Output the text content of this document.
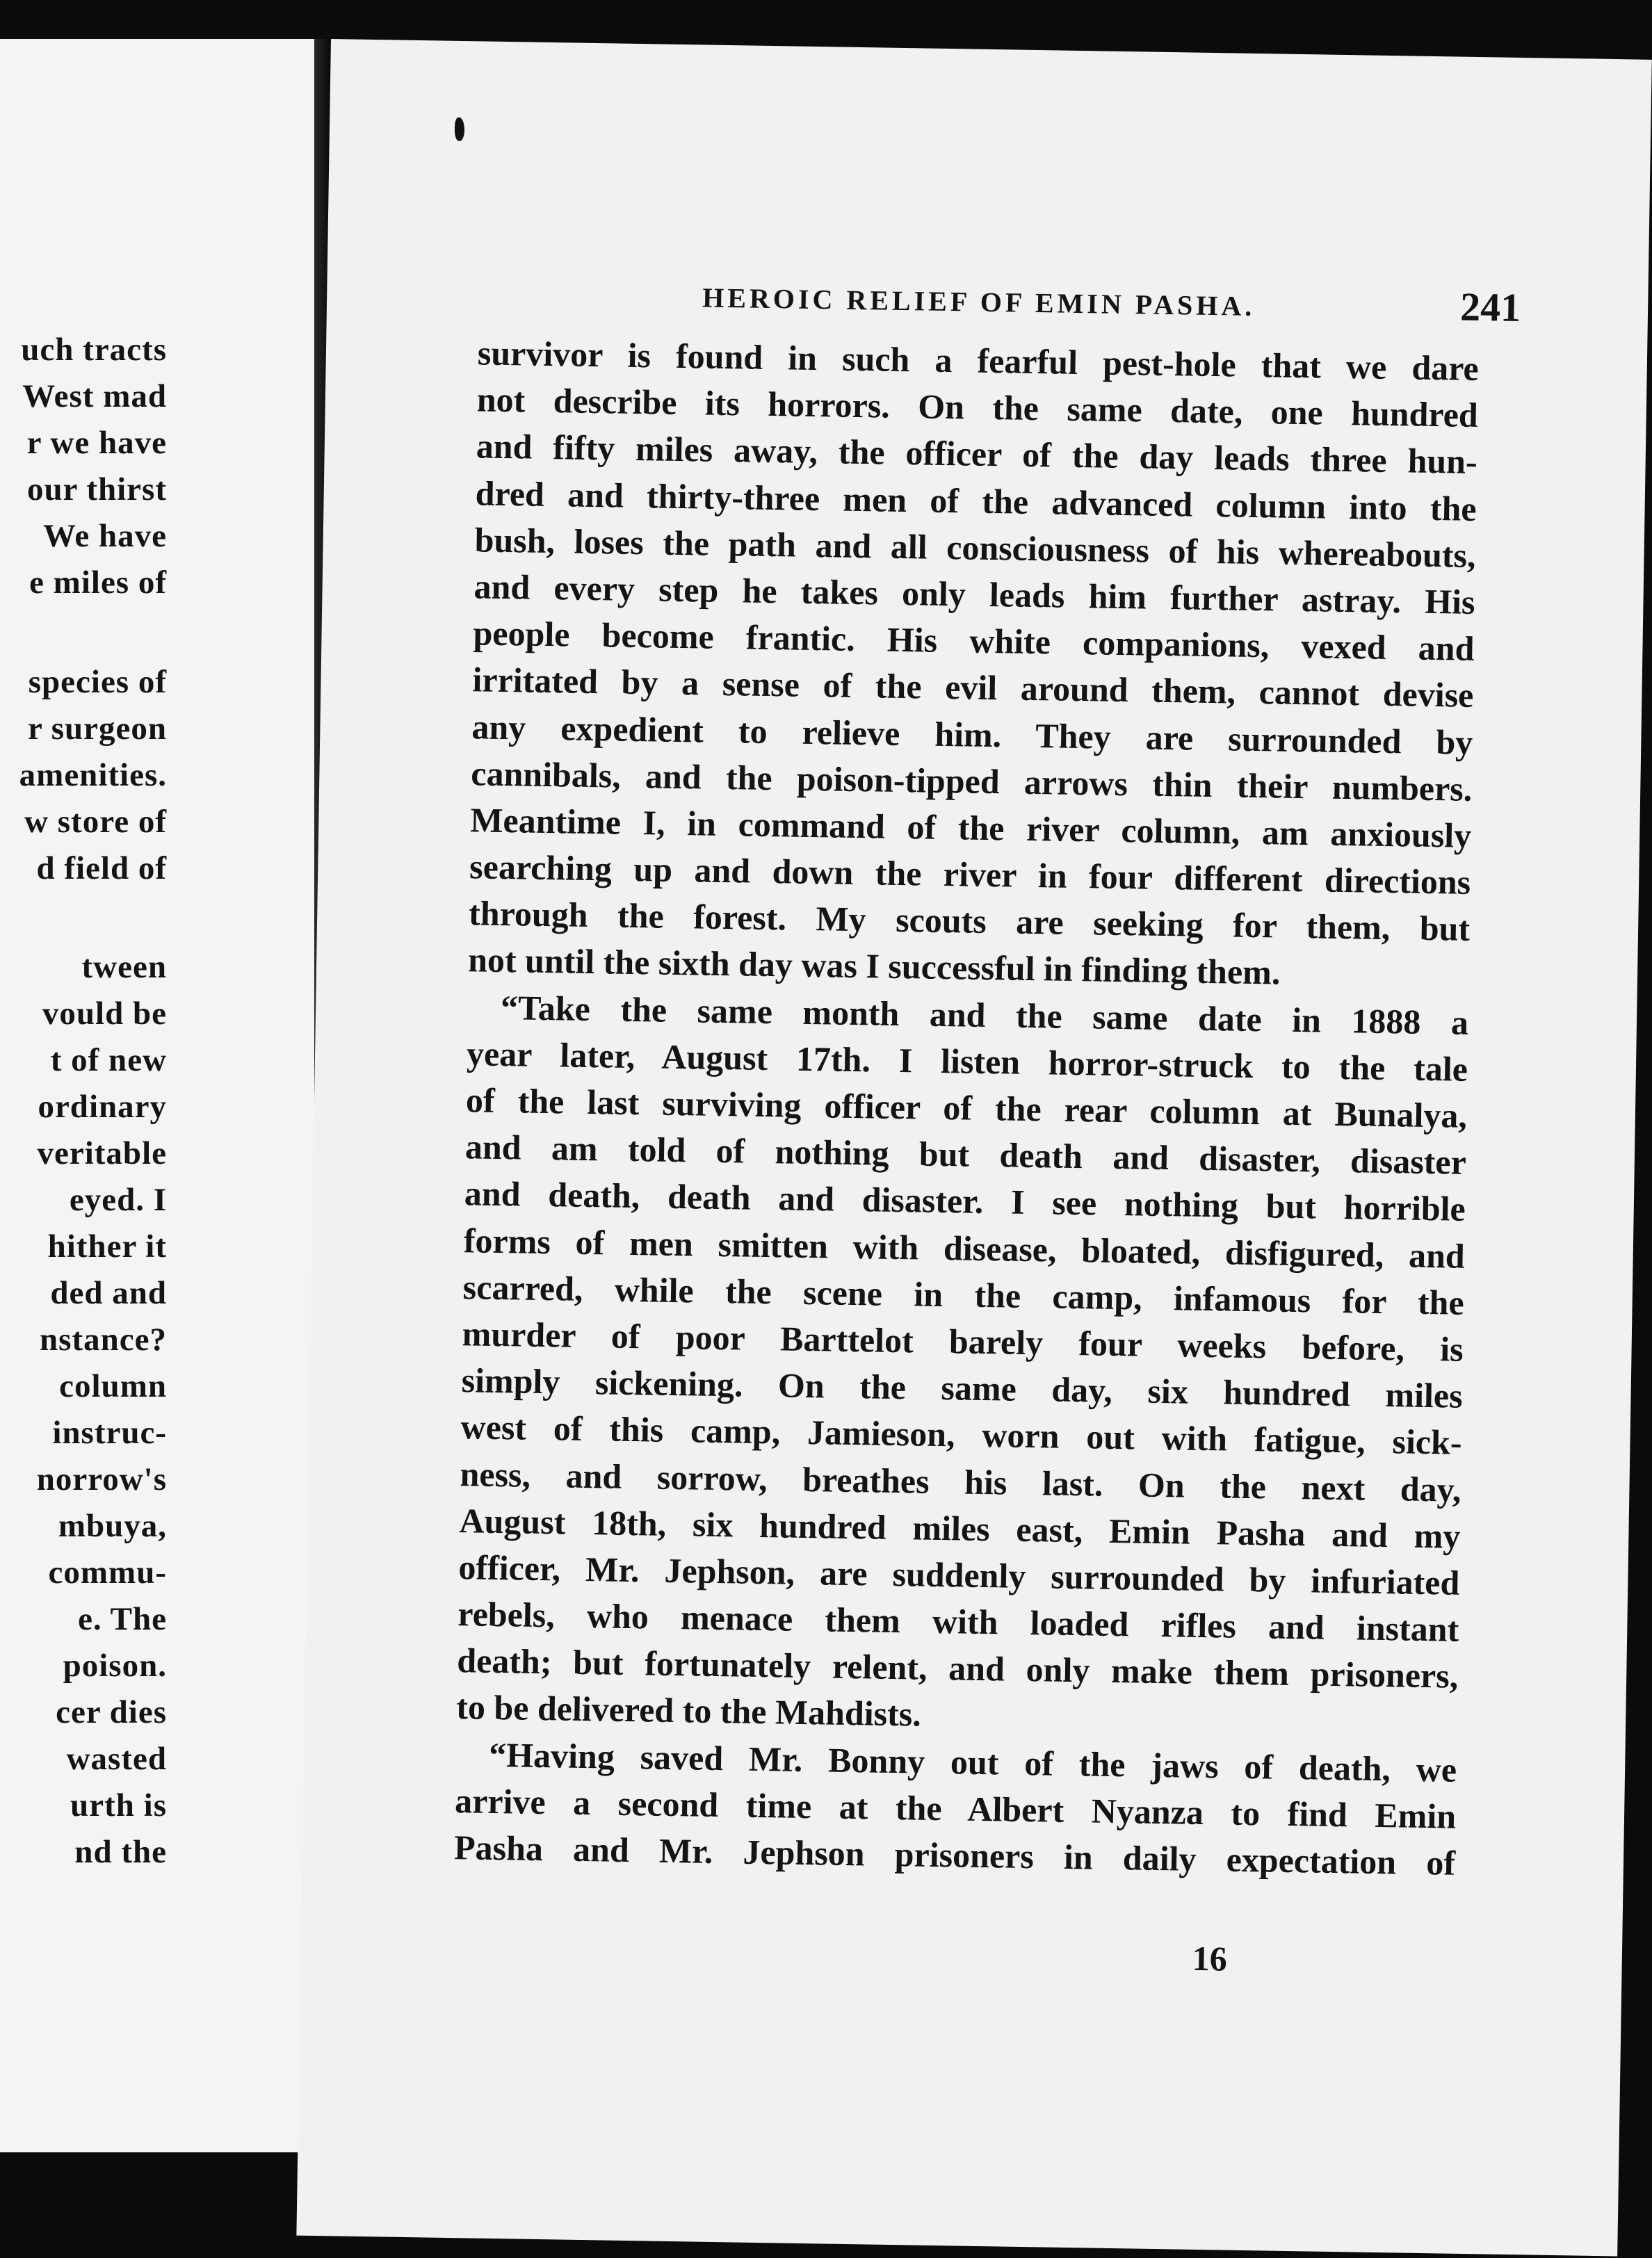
uch tracts
West mad
r we have
our thirst
We have
e miles of
species of
r surgeon
amenities.
w store of
d field of
tween
vould be
t of new
ordinary
veritable
eyed. I
hither it
ded and
nstance?
column
instruc-
norrow's
mbuya,
commu-
e. The
poison.
cer dies
wasted
urth is
nd the
HEROIC RELIEF OF EMIN PASHA.	241
survivor is found in such a fearful pest-hole that we dare
not describe its horrors. On the same date, one hundred
and fifty miles away, the officer of the day leads three hun-
dred and thirty-three men of the advanced column into the
bush, loses the path and all consciousness of his whereabouts,
and every step he takes only leads him further astray. His
people become frantic. His white companions, vexed and
irritated by a sense of the evil around them, cannot devise
any expedient to relieve him. They are surrounded by
cannibals, and the poison-tipped arrows thin their numbers.
Meantime I, in command of the river column, am anxiously
searching up and down the river in four different directions
through the forest. My scouts are seeking for them, but
not until the sixth day was I successful in finding them.
“Take the same month and the same date in 1888 a
year later, August 17th. I listen horror-struck to the tale
of the last surviving officer of the rear column at Bunalya,
and am told of nothing but death and disaster, disaster
and death, death and disaster. I see nothing but horrible
forms of men smitten with disease, bloated, disfigured, and
scarred, while the scene in the camp, infamous for the
murder of poor Barttelot barely four weeks before, is
simply sickening. On the same day, six hundred miles
west of this camp, Jamieson, worn out with fatigue, sick-
ness, and sorrow, breathes his last. On the next day,
August 18th, six hundred miles east, Emin Pasha and my
officer, Mr. Jephson, are suddenly surrounded by infuriated
rebels, who menace them with loaded rifles and instant
death; but fortunately relent, and only make them prisoners,
to be delivered to the Mahdists.
“Having saved Mr. Bonny out of the jaws of death, we
arrive a second time at the Albert Nyanza to find Emin
Pasha and Mr. Jephson prisoners in daily expectation of
16
